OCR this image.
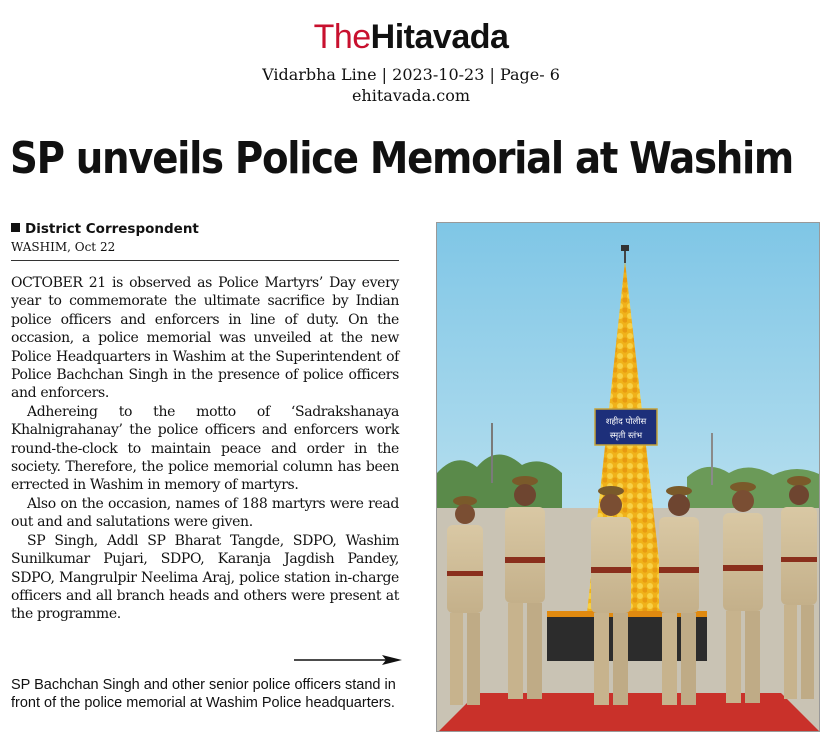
TheHitavada
Vidarbha Line | 2023-10-23 | Page- 6
ehitavada.com
SP unveils Police Memorial at Washim
District Correspondent
WASHIM, Oct 22

OCTOBER 21 is observed as Police Martyrs’ Day every year to commemorate the ultimate sacrifice by Indian police officers and enforcers in line of duty. On the occasion, a police memorial was unveiled at the new Police Headquarters in Washim at the Superintendent of Police Bachchan Singh in the presence of police officers and enforcers.

Adhereing to the motto of ‘Sadrakshanaya Khalnigrahanay’ the police officers and enforcers work round-the-clock to maintain peace and order in the society. Therefore, the police memorial column has been errected in Washim in memory of martyrs.

Also on the occasion, names of 188 martyrs were read out and and salutations were given.

SP Singh, Addl SP Bharat Tangde, SDPO, Washim Sunilkumar Pujari, SDPO, Karanja Jagdish Pandey, SDPO, Mangrulpir Neelima Araj, police station in-charge officers and all branch heads and others were present at the programme.

SP Bachchan Singh and other senior police officers stand in front of the police memorial at Washim Police headquarters.
शहीद पोलीस
स्मृती स्तंभ
